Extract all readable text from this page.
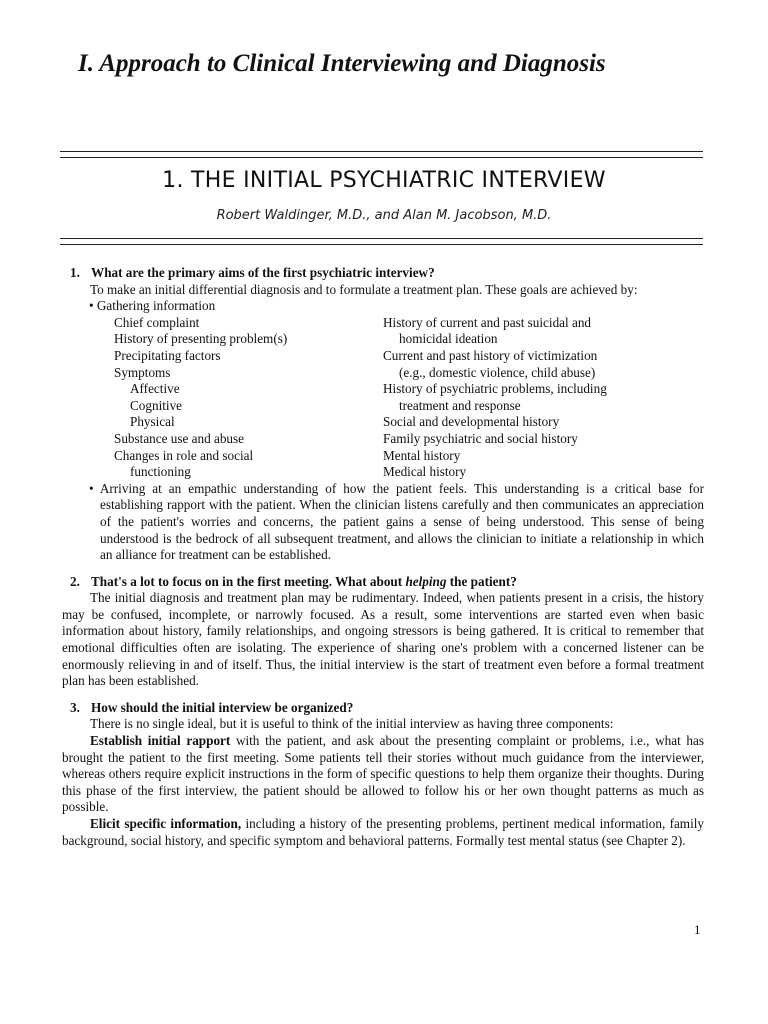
I. Approach to Clinical Interviewing and Diagnosis
1. THE INITIAL PSYCHIATRIC INTERVIEW
Robert Waldinger, M.D., and Alan M. Jacobson, M.D.
1. What are the primary aims of the first psychiatric interview?
To make an initial differential diagnosis and to formulate a treatment plan. These goals are achieved by:
• Gathering information
Chief complaint
History of presenting problem(s)
Precipitating factors
Symptoms
Affective
Cognitive
Physical
Substance use and abuse
Changes in role and social
functioning
History of current and past suicidal and
homicidal ideation
Current and past history of victimization
(e.g., domestic violence, child abuse)
History of psychiatric problems, including
treatment and response
Social and developmental history
Family psychiatric and social history
Mental history
Medical history
• Arriving at an empathic understanding of how the patient feels. This understanding is a critical base for establishing rapport with the patient. When the clinician listens carefully and then communicates an appreciation of the patient's worries and concerns, the patient gains a sense of being understood. This sense of being understood is the bedrock of all subsequent treatment, and allows the clinician to initiate a relationship in which an alliance for treatment can be established.
2. That's a lot to focus on in the first meeting. What about helping the patient?
The initial diagnosis and treatment plan may be rudimentary. Indeed, when patients present in a crisis, the history may be confused, incomplete, or narrowly focused. As a result, some interventions are started even when basic information about history, family relationships, and ongoing stressors is being gathered. It is critical to remember that emotional difficulties often are isolating. The experience of sharing one's problem with a concerned listener can be enormously relieving in and of itself. Thus, the initial interview is the start of treatment even before a formal treatment plan has been established.
3. How should the initial interview be organized?
There is no single ideal, but it is useful to think of the initial interview as having three components:
Establish initial rapport with the patient, and ask about the presenting complaint or problems, i.e., what has brought the patient to the first meeting. Some patients tell their stories without much guidance from the interviewer, whereas others require explicit instructions in the form of specific questions to help them organize their thoughts. During this phase of the first interview, the patient should be allowed to follow his or her own thought patterns as much as possible.
Elicit specific information, including a history of the presenting problems, pertinent medical information, family background, social history, and specific symptom and behavioral patterns. Formally test mental status (see Chapter 2).
1
